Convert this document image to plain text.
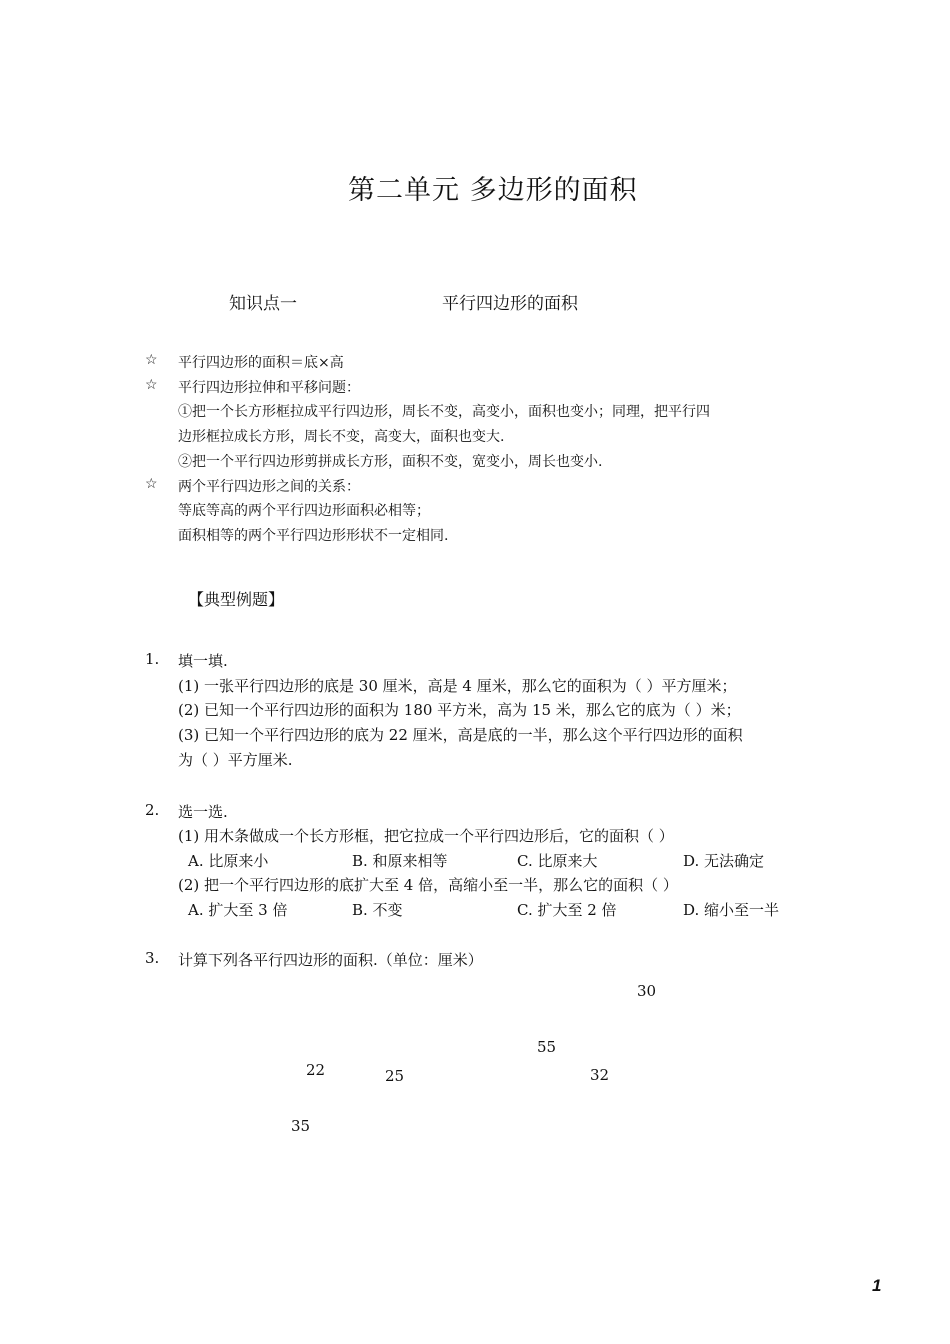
第二单元 多边形的面积
知识点一	平行四边形的面积
☆ 平行四边形的面积＝底×高
☆ 平行四边形拉伸和平移问题：
①把一个长方形框拉成平行四边形，周长不变，高变小，面积也变小；同理，把平行四
边形框拉成长方形，周长不变，高变大，面积也变大.
②把一个平行四边形剪拼成长方形，面积不变，宽变小，周长也变小.
☆ 两个平行四边形之间的关系：
等底等高的两个平行四边形面积必相等；
面积相等的两个平行四边形形状不一定相同.
【典型例题】
1. 填一填.
(1) 一张平行四边形的底是 30 厘米，高是 4 厘米，那么它的面积为（ ）平方厘米；
(2) 已知一个平行四边形的面积为 180 平方米，高为 15 米，那么它的底为（ ）米；
(3) 已知一个平行四边形的底为 22 厘米，高是底的一半，那么这个平行四边形的面积
为（ ）平方厘米.
2. 选一选.
(1) 用木条做成一个长方形框，把它拉成一个平行四边形后，它的面积（ ）
A. 比原来小	B. 和原来相等	C. 比原来大	D. 无法确定
(2) 把一个平行四边形的底扩大至 4 倍，高缩小至一半，那么它的面积（ ）
A. 扩大至 3 倍	B. 不变	C. 扩大至 2 倍	D. 缩小至一半
3. 计算下列各平行四边形的面积.（单位：厘米）
30
55
22	25	32
35
1
